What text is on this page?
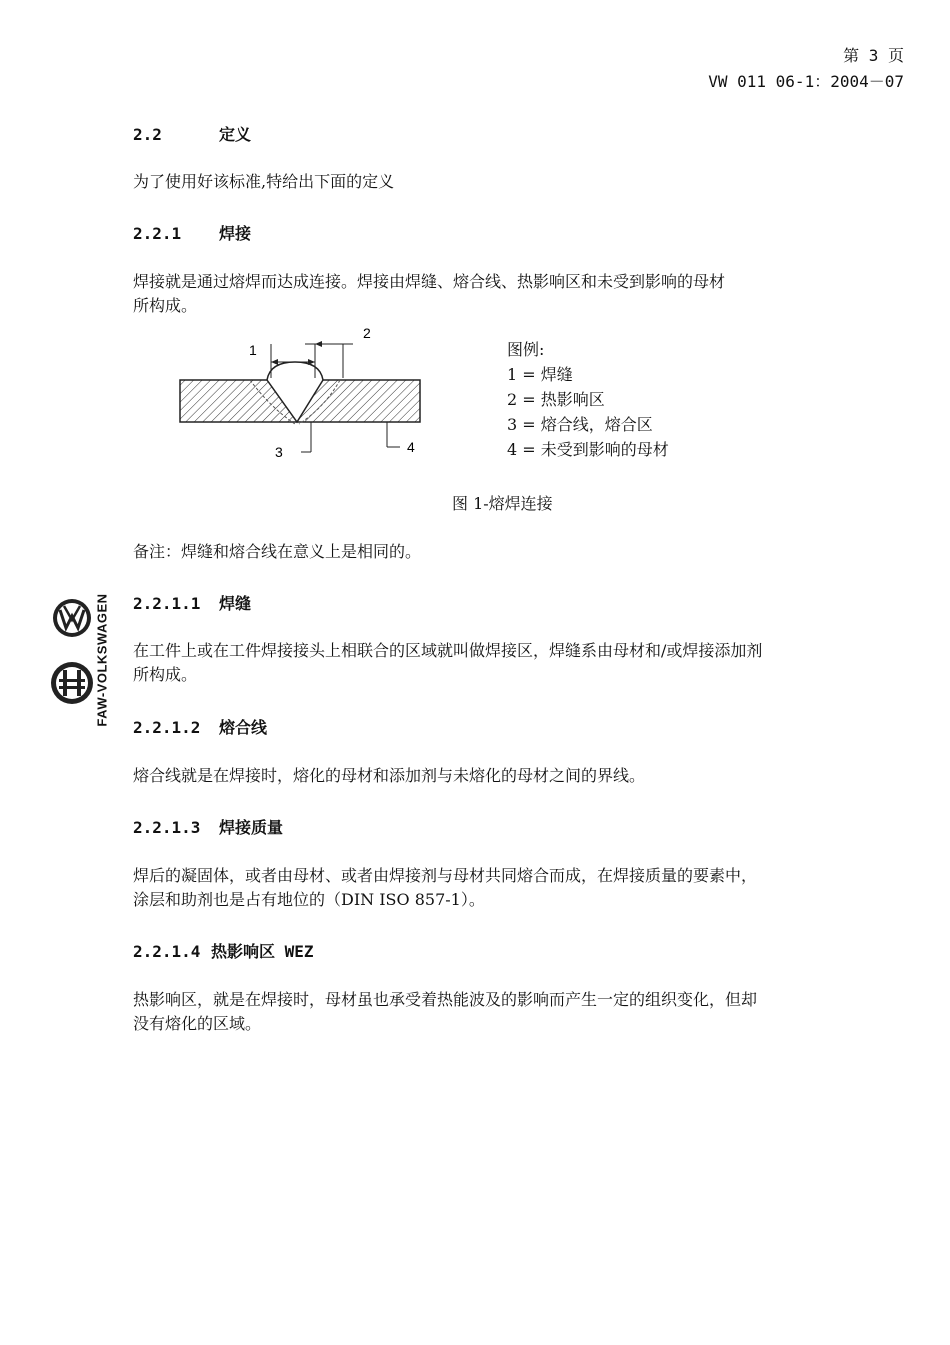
第 3 页
VW 011 06-1：2004－07
FAW-VOLKSWAGEN
2.2	定义
为了使用好该标准,特给出下面的定义
2.2.1 焊接
焊接就是通过熔焊而达成连接。焊接由焊缝、熔合线、热影响区和未受到影响的母材
所构成。
1
2
3	4
图例:
1 = 焊缝
2 = 热影响区
3 = 熔合线，熔合区
4 = 未受到影响的母材
图 1-熔焊连接
备注：焊缝和熔合线在意义上是相同的。
2.2.1.1 焊缝
在工件上或在工件焊接接头上相联合的区域就叫做焊接区，焊缝系由母材和/或焊接添加剂
所构成。
2.2.1.2 熔合线
熔合线就是在焊接时，熔化的母材和添加剂与未熔化的母材之间的界线。
2.2.1.3 焊接质量
焊后的凝固体，或者由母材、或者由焊接剂与母材共同熔合而成，在焊接质量的要素中，
涂层和助剂也是占有地位的（DIN ISO 857-1）。
2.2.1.4 热影响区 WEZ
热影响区，就是在焊接时，母材虽也承受着热能波及的影响而产生一定的组织变化，但却
没有熔化的区域。
